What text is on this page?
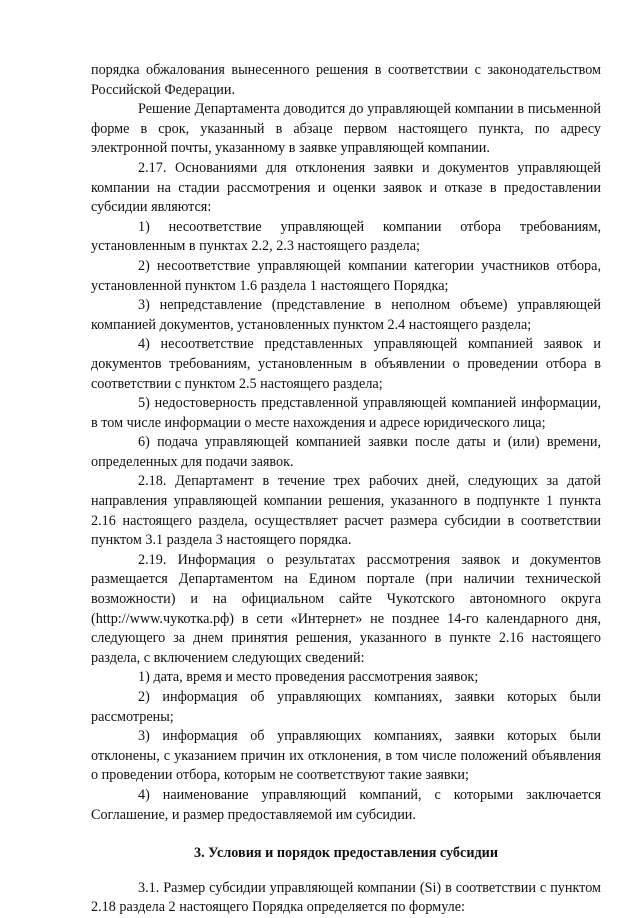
порядка обжалования вынесенного решения в соответствии с законодательством Российской Федерации.

Решение Департамента доводится до управляющей компании в письменной форме в срок, указанный в абзаце первом настоящего пункта, по адресу электронной почты, указанному в заявке управляющей компании.

2.17. Основаниями для отклонения заявки и документов управляющей компании на стадии рассмотрения и оценки заявок и отказе в предоставлении субсидии являются:

1) несоответствие управляющей компании отбора требованиям, установленным в пунктах 2.2, 2.3 настоящего раздела;

2) несоответствие управляющей компании категории участников отбора, установленной пунктом 1.6 раздела 1 настоящего Порядка;

3) непредставление (представление в неполном объеме) управляющей компанией документов, установленных пунктом 2.4 настоящего раздела;

4) несоответствие представленных управляющей компанией заявок и документов требованиям, установленным в объявлении о проведении отбора в соответствии с пунктом 2.5 настоящего раздела;

5) недостоверность представленной управляющей компанией информации, в том числе информации о месте нахождения и адресе юридического лица;

6) подача управляющей компанией заявки после даты и (или) времени, определенных для подачи заявок.

2.18. Департамент в течение трех рабочих дней, следующих за датой направления управляющей компании решения, указанного в подпункте 1 пункта 2.16 настоящего раздела, осуществляет расчет размера субсидии в соответствии пунктом 3.1 раздела 3 настоящего порядка.

2.19. Информация о результатах рассмотрения заявок и документов размещается Департаментом на Едином портале (при наличии технической возможности) и на официальном сайте Чукотского автономного округа (http://www.чукотка.рф) в сети «Интернет» не позднее 14-го календарного дня, следующего за днем принятия решения, указанного в пункте 2.16 настоящего раздела, с включением следующих сведений:

1) дата, время и место проведения рассмотрения заявок;

2) информация об управляющих компаниях, заявки которых были рассмотрены;

3) информация об управляющих компаниях, заявки которых были отклонены, с указанием причин их отклонения, в том числе положений объявления о проведении отбора, которым не соответствуют такие заявки;

4) наименование управляющий компаний, с которыми заключается Соглашение, и размер предоставляемой им субсидии.

3. Условия и порядок предоставления субсидии

3.1. Размер субсидии управляющей компании (Si) в соответствии с пунктом 2.18 раздела 2 настоящего Порядка определяется по формуле:
